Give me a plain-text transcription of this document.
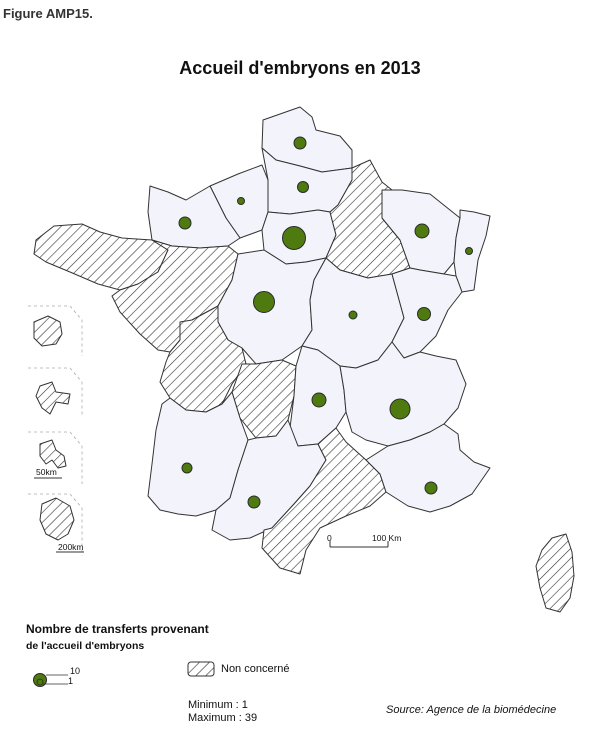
Figure AMP15.
Accueil d'embryons en 2013
0	100 Km
50km
200km
Nombre de transferts provenant
de l'accueil d'embryons
10
1
Non concerné
Minimum : 1
Maximum : 39
Source: Agence de la biomédecine
